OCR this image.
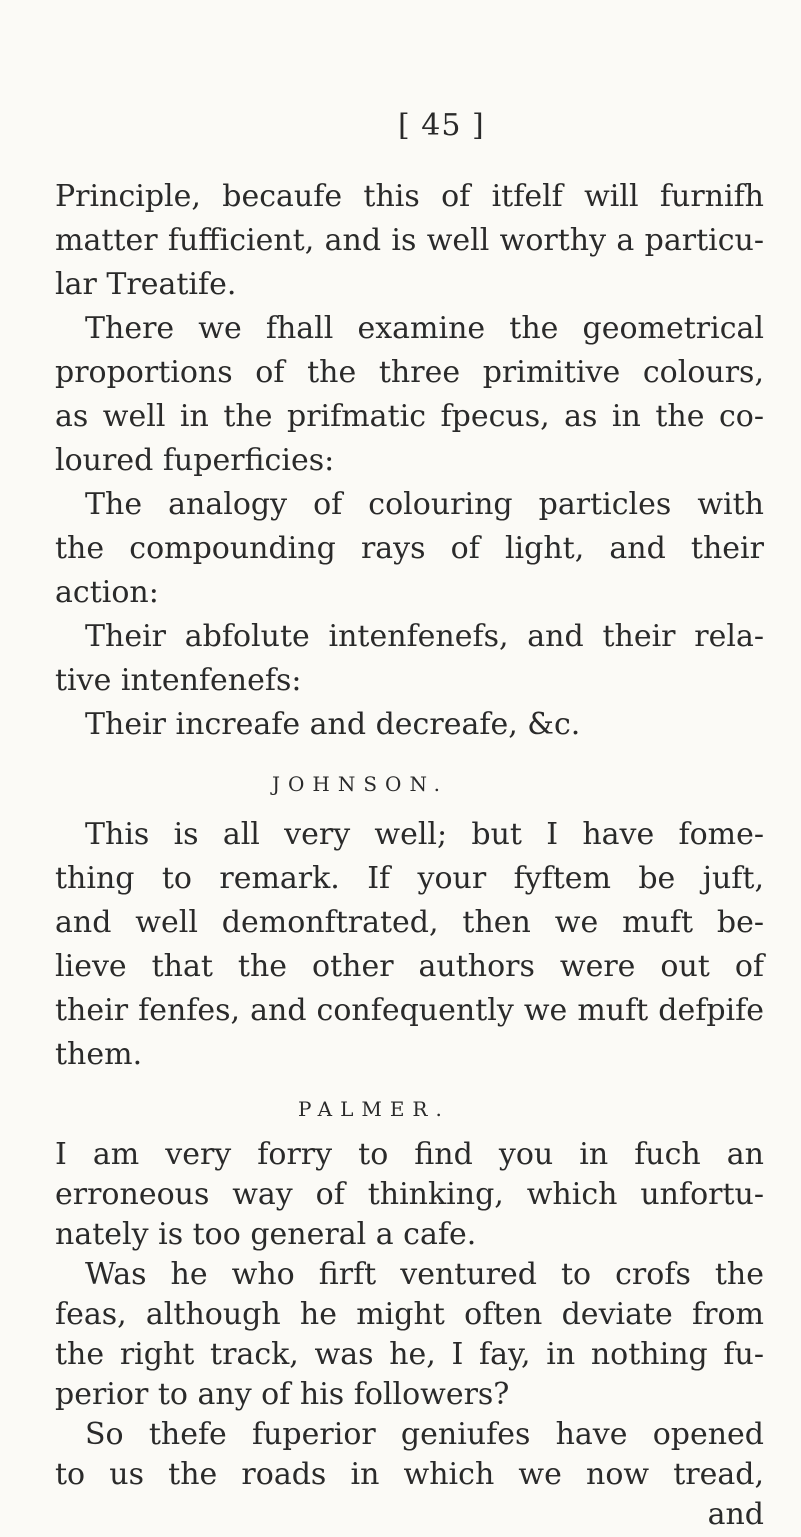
[ 45 ]
Principle, becaufe this of itfelf will furnifh
matter fufficient, and is well worthy a particu-
lar Treatife.
There we fhall examine the geometrical
proportions of the three primitive colours,
as well in the prifmatic fpecus, as in the co-
loured fuperficies:
The analogy of colouring particles with
the compounding rays of light, and their
action:
Their abfolute intenfenefs, and their rela-
tive intenfenefs:
Their increafe and decreafe, &c.
JOHNSON.
This is all very well; but I have fome-
thing to remark. If your fyftem be juft,
and well demonftrated, then we muft be-
lieve that the other authors were out of
their fenfes, and confequently we muft defpife
them.
PALMER.
I am very forry to find you in fuch an
erroneous way of thinking, which unfortu-
nately is too general a cafe.
Was he who firft ventured to crofs the
feas, although he might often deviate from
the right track, was he, I fay, in nothing fu-
perior to any of his followers?
So thefe fuperior geniufes have opened
to us the roads in which we now tread,
and
